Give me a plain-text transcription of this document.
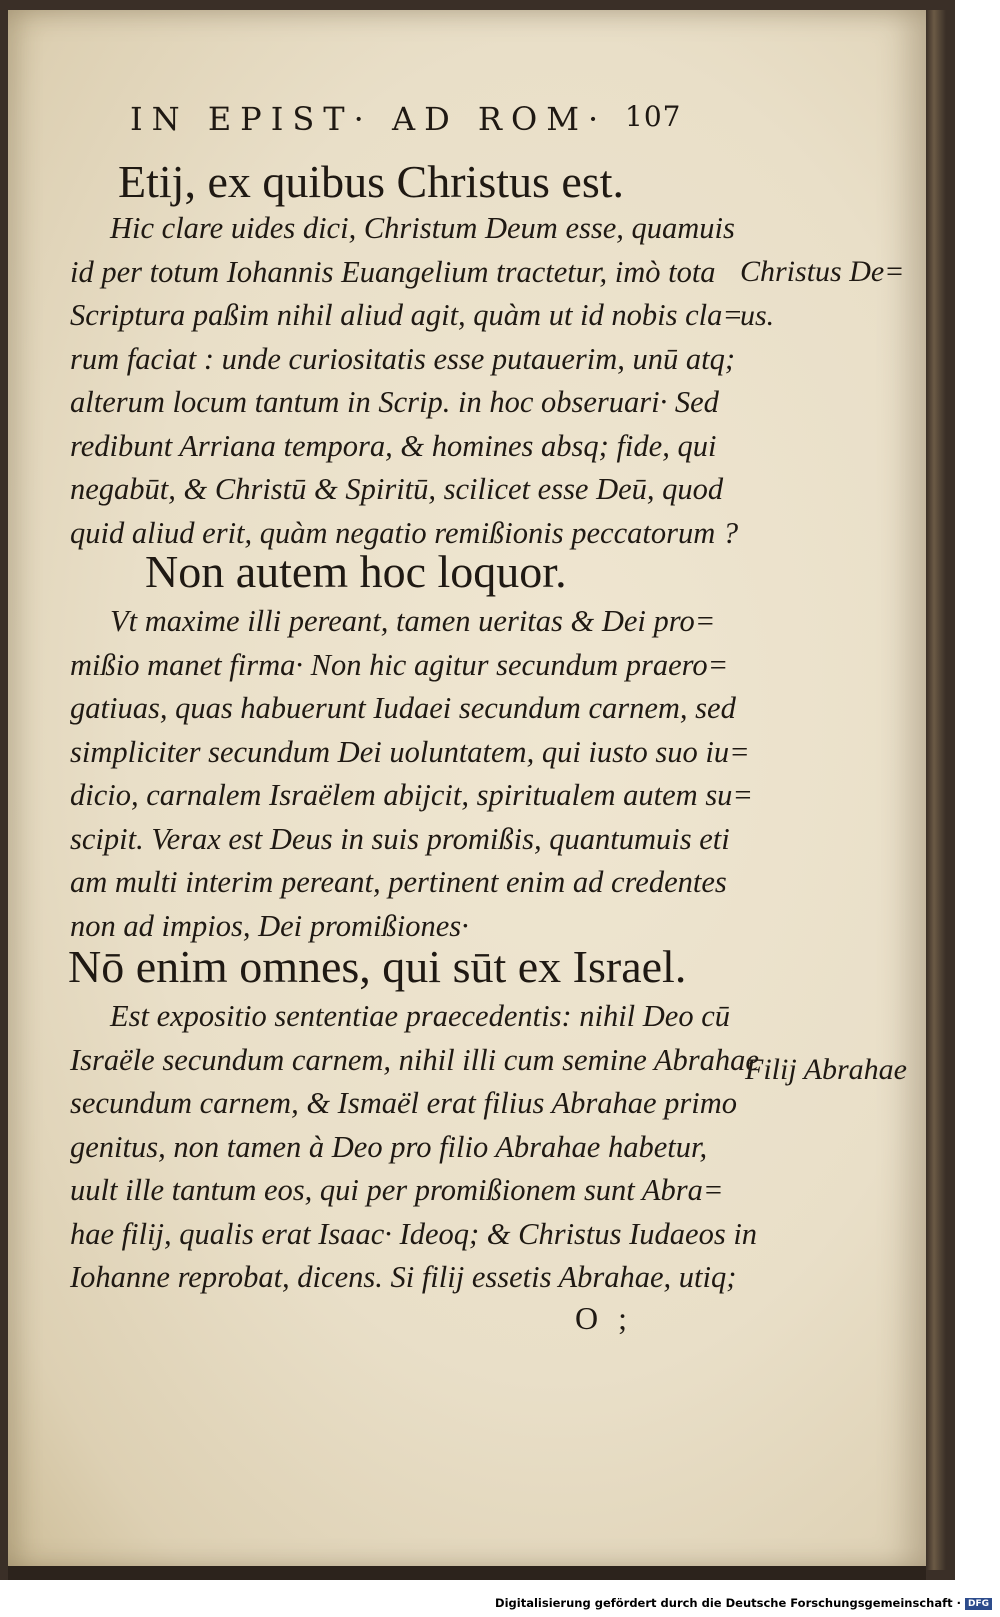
IN EPIST· AD ROM· 107
Etij, ex quibus Christus est.
Hic clare uides dici, Christum Deum esse, quamuis
id per totum Iohannis Euangelium tractetur, imò tota
Scriptura paßim nihil aliud agit, quàm ut id nobis cla=
rum faciat : unde curiositatis esse putauerim, unū atq;
alterum locum tantum in Scrip. in hoc obseruari· Sed
redibunt Arriana tempora, & homines absq; fide, qui
negabūt, & Christū & Spiritū, scilicet esse Deū, quod
quid aliud erit, quàm negatio remißionis peccatorum ?
Non autem hoc loquor.
Vt maxime illi pereant, tamen ueritas & Dei pro=
mißio manet firma· Non hic agitur secundum praero=
gatiuas, quas habuerunt Iudaei secundum carnem, sed
simpliciter secundum Dei uoluntatem, qui iusto suo iu=
dicio, carnalem Israëlem abijcit, spiritualem autem su=
scipit. Verax est Deus in suis promißis, quantumuis eti
am multi interim pereant, pertinent enim ad credentes
non ad impios, Dei promißiones·
Nō enim omnes, qui sūt ex Israel.
Est expositio sententiae praecedentis: nihil Deo cū
Israële secundum carnem, nihil illi cum semine Abrahae
secundum carnem, & Ismaël erat filius Abrahae primo
genitus, non tamen à Deo pro filio Abrahae habetur,
uult ille tantum eos, qui per promißionem sunt Abra=
hae filij, qualis erat Isaac· Ideoq; & Christus Iudaeos in
Iohanne reprobat, dicens. Si filij essetis Abrahae, utiq;
Christus De=
us.
Filij Abrahae
O ;
Digitalisierung gefördert durch die Deutsche Forschungsgemeinschaft · DFG
